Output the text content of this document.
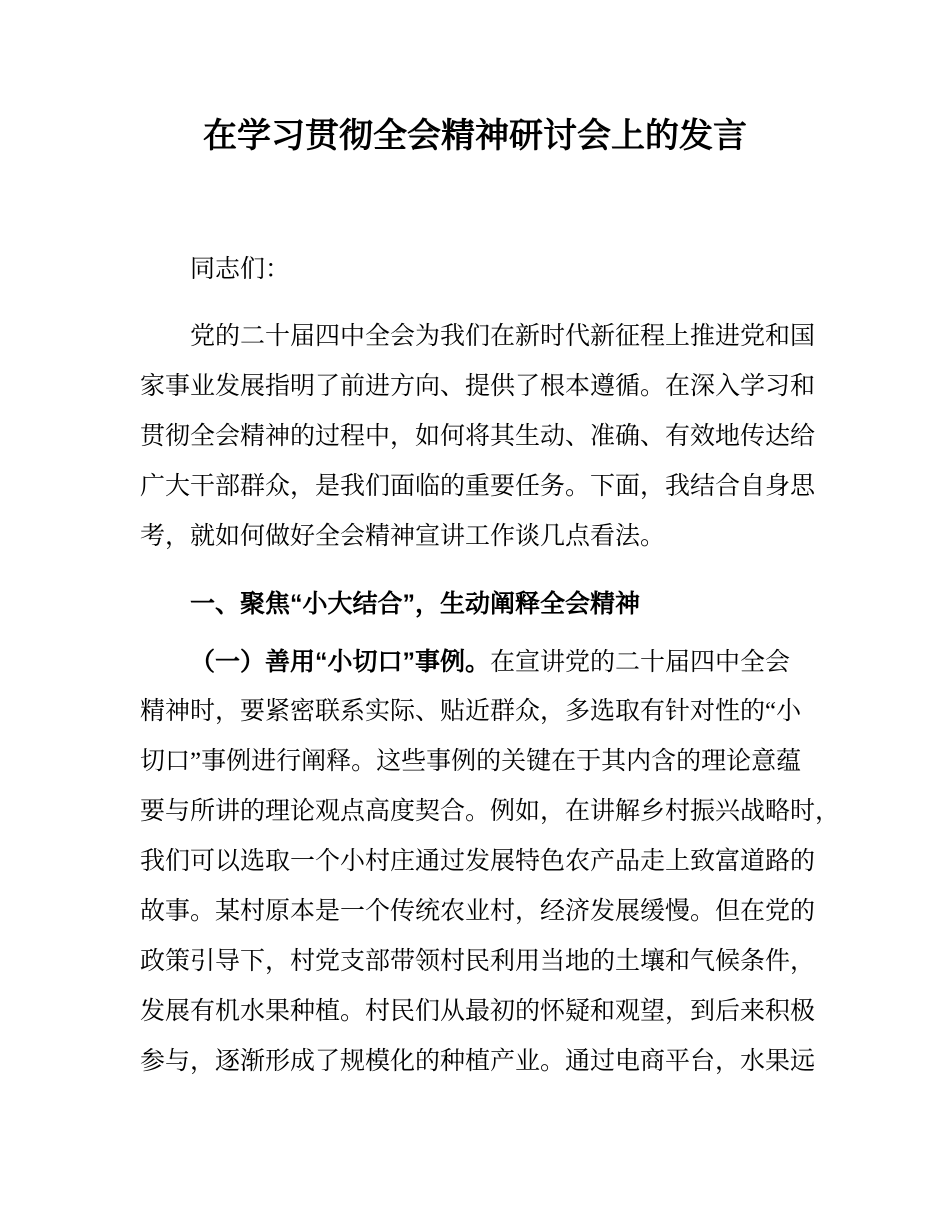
在学习贯彻全会精神研讨会上的发言

同志们：

党的二十届四中全会为我们在新时代新征程上推进党和国
家事业发展指明了前进方向、提供了根本遵循。在深入学习和
贯彻全会精神的过程中，如何将其生动、准确、有效地传达给
广大干部群众，是我们面临的重要任务。下面，我结合自身思
考，就如何做好全会精神宣讲工作谈几点看法。
一、聚焦“小大结合”，生动阐释全会精神
（一）善用“小切口”事例。在宣讲党的二十届四中全会
精神时，要紧密联系实际、贴近群众，多选取有针对性的“小
切口”事例进行阐释。这些事例的关键在于其内含的理论意蕴
要与所讲的理论观点高度契合。例如，在讲解乡村振兴战略时，
我们可以选取一个小村庄通过发展特色农产品走上致富道路的
故事。某村原本是一个传统农业村，经济发展缓慢。但在党的
政策引导下，村党支部带领村民利用当地的土壤和气候条件，
发展有机水果种植。村民们从最初的怀疑和观望，到后来积极
参与，逐渐形成了规模化的种植产业。通过电商平台，水果远
